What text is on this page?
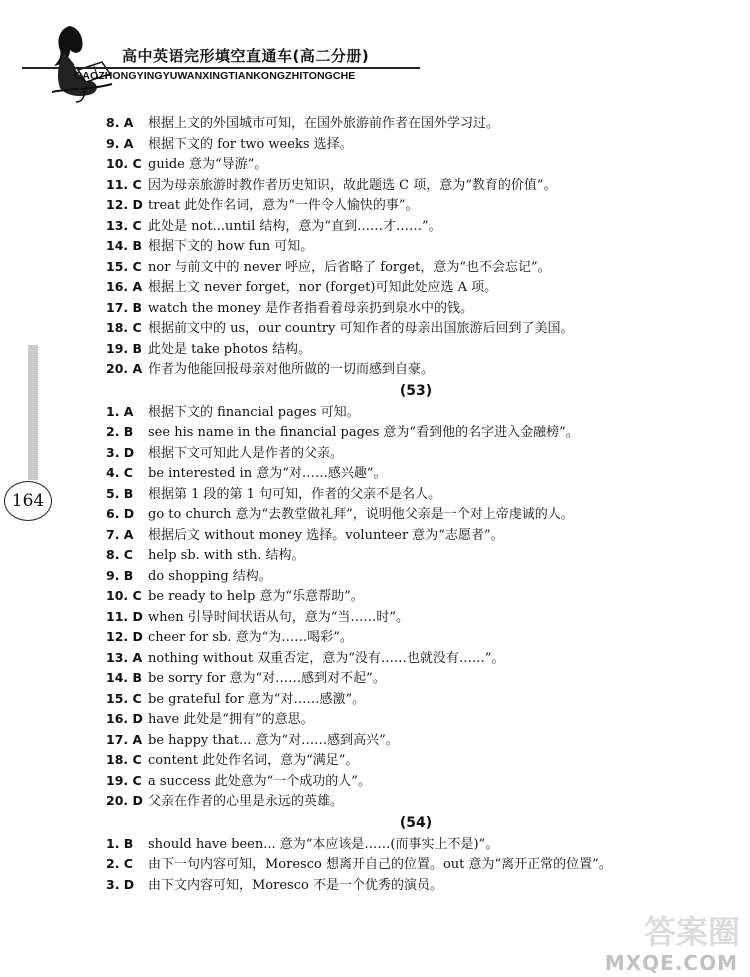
高中英语完形填空直通车(高二分册)
GAOZHONGYINGYUWANXINGTIANKONGZHITONGCHE
164
8. A 根据上文的外国城市可知，在国外旅游前作者在国外学习过。
9. A 根据下文的 for two weeks 选择。
10. C guide 意为“导游”。
11. C 因为母亲旅游时教作者历史知识，故此题选 C 项，意为“教育的价值”。
12. D treat 此处作名词，意为“一件令人愉快的事”。
13. C 此处是 not...until 结构，意为“直到……才……”。
14. B 根据下文的 how fun 可知。
15. C nor 与前文中的 never 呼应，后省略了 forget，意为“也不会忘记”。
16. A 根据上文 never forget，nor (forget)可知此处应选 A 项。
17. B watch the money 是作者指看着母亲扔到泉水中的钱。
18. C 根据前文中的 us，our country 可知作者的母亲出国旅游后回到了美国。
19. B 此处是 take photos 结构。
20. A 作者为他能回报母亲对他所做的一切而感到自豪。
(53)
1. A 根据下文的 financial pages 可知。
2. B see his name in the financial pages 意为“看到他的名字进入金融榜”。
3. D 根据下文可知此人是作者的父亲。
4. C be interested in 意为“对……感兴趣”。
5. B 根据第 1 段的第 1 句可知，作者的父亲不是名人。
6. D go to church 意为“去教堂做礼拜”，说明他父亲是一个对上帝虔诚的人。
7. A 根据后文 without money 选择。volunteer 意为“志愿者”。
8. C help sb. with sth. 结构。
9. B do shopping 结构。
10. C be ready to help 意为“乐意帮助”。
11. D when 引导时间状语从句，意为“当……时”。
12. D cheer for sb. 意为“为……喝彩”。
13. A nothing without 双重否定，意为“没有……也就没有……”。
14. B be sorry for 意为“对……感到对不起”。
15. C be grateful for 意为“对……感激”。
16. D have 此处是“拥有”的意思。
17. A be happy that... 意为“对……感到高兴”。
18. C content 此处作名词，意为“满足”。
19. C a success 此处意为“一个成功的人”。
20. D 父亲在作者的心里是永远的英雄。
(54)
1. B should have been... 意为“本应该是……(而事实上不是)”。
2. C 由下一句内容可知，Moresco 想离开自己的位置。out 意为“离开正常的位置”。
3. D 由下文内容可知，Moresco 不是一个优秀的演员。
答案圈
MXQE.COM
